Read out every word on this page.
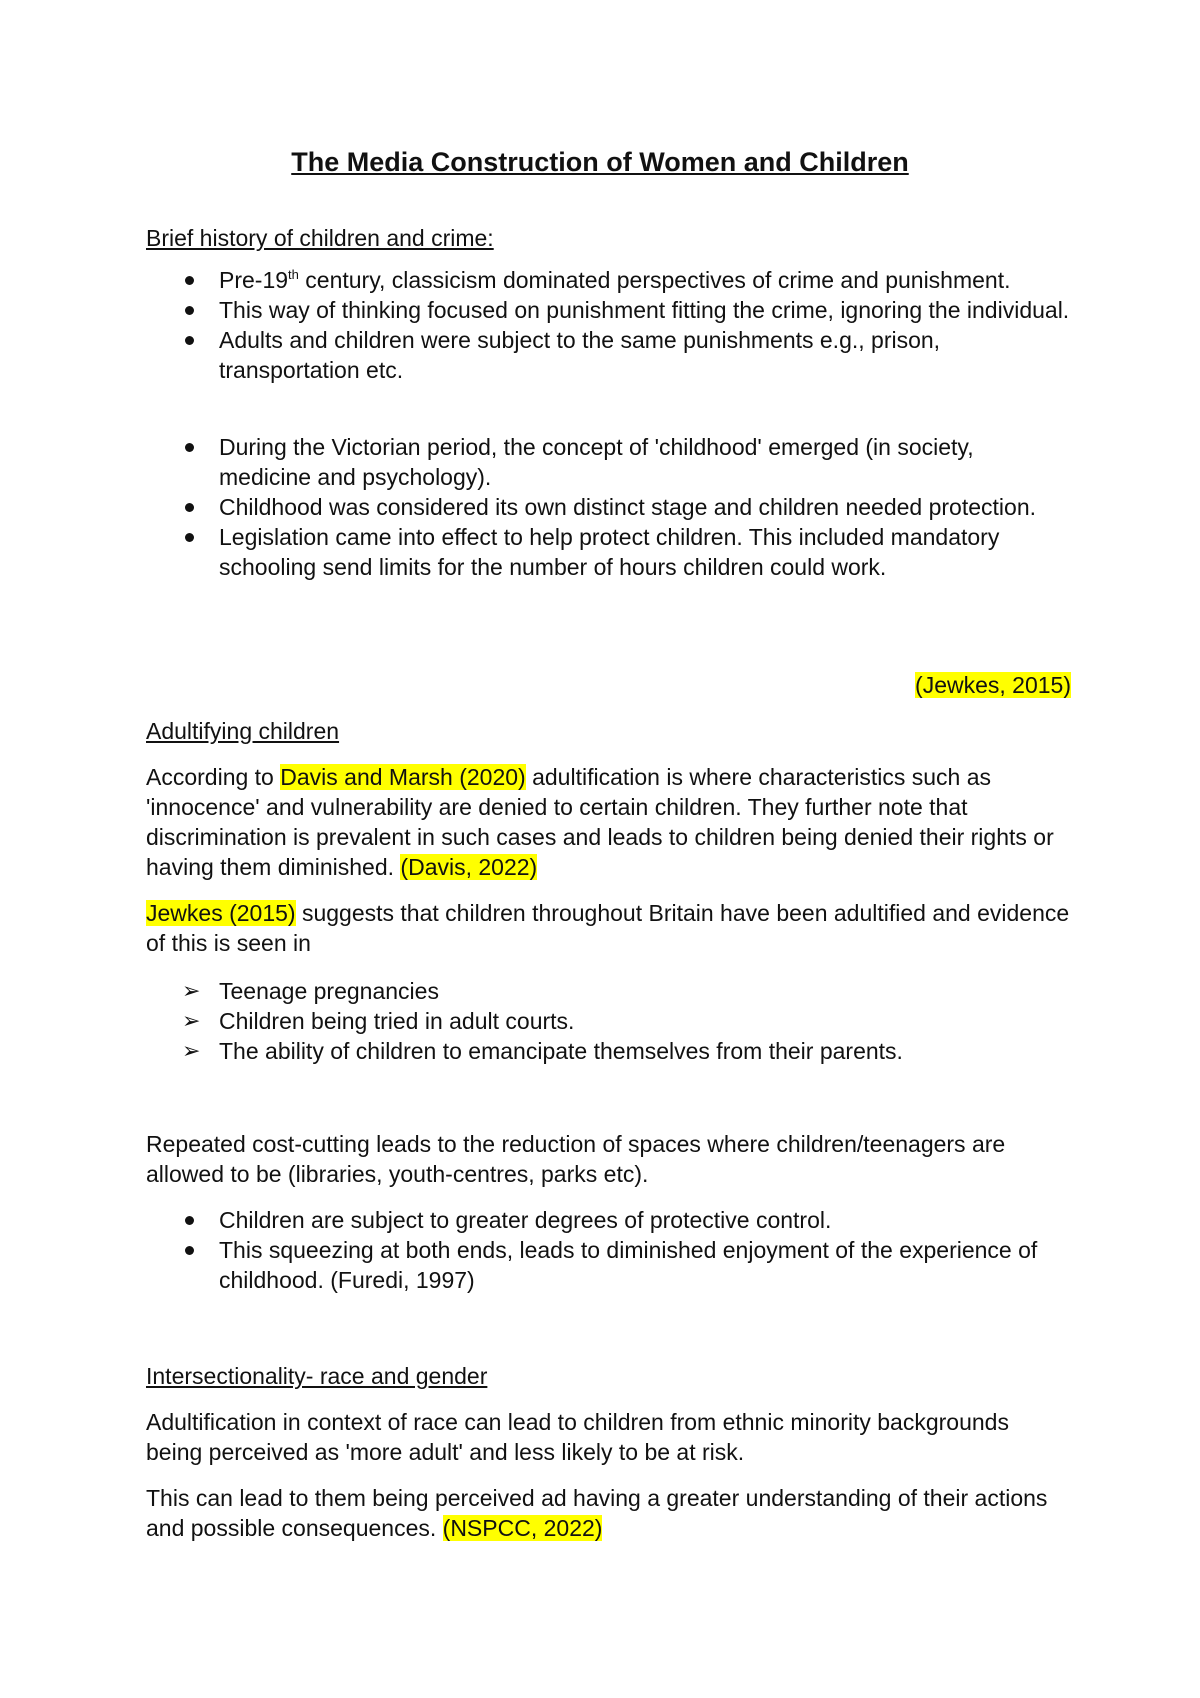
The Media Construction of Women and Children
Brief history of children and crime:
Pre-19th century, classicism dominated perspectives of crime and punishment.
This way of thinking focused on punishment fitting the crime, ignoring the individual.
Adults and children were subject to the same punishments e.g., prison, transportation etc.
During the Victorian period, the concept of 'childhood' emerged (in society, medicine and psychology).
Childhood was considered its own distinct stage and children needed protection.
Legislation came into effect to help protect children. This included mandatory schooling send limits for the number of hours children could work.
(Jewkes, 2015)
Adultifying children
According to Davis and Marsh (2020) adultification is where characteristics such as 'innocence' and vulnerability are denied to certain children. They further note that discrimination is prevalent in such cases and leads to children being denied their rights or having them diminished. (Davis, 2022)
Jewkes (2015) suggests that children throughout Britain have been adultified and evidence of this is seen in
➢ Teenage pregnancies
➢ Children being tried in adult courts.
➢ The ability of children to emancipate themselves from their parents.
Repeated cost-cutting leads to the reduction of spaces where children/teenagers are allowed to be (libraries, youth-centres, parks etc).
Children are subject to greater degrees of protective control.
This squeezing at both ends, leads to diminished enjoyment of the experience of childhood. (Furedi, 1997)
Intersectionality- race and gender
Adultification in context of race can lead to children from ethnic minority backgrounds being perceived as 'more adult' and less likely to be at risk.
This can lead to them being perceived ad having a greater understanding of their actions and possible consequences. (NSPCC, 2022)
